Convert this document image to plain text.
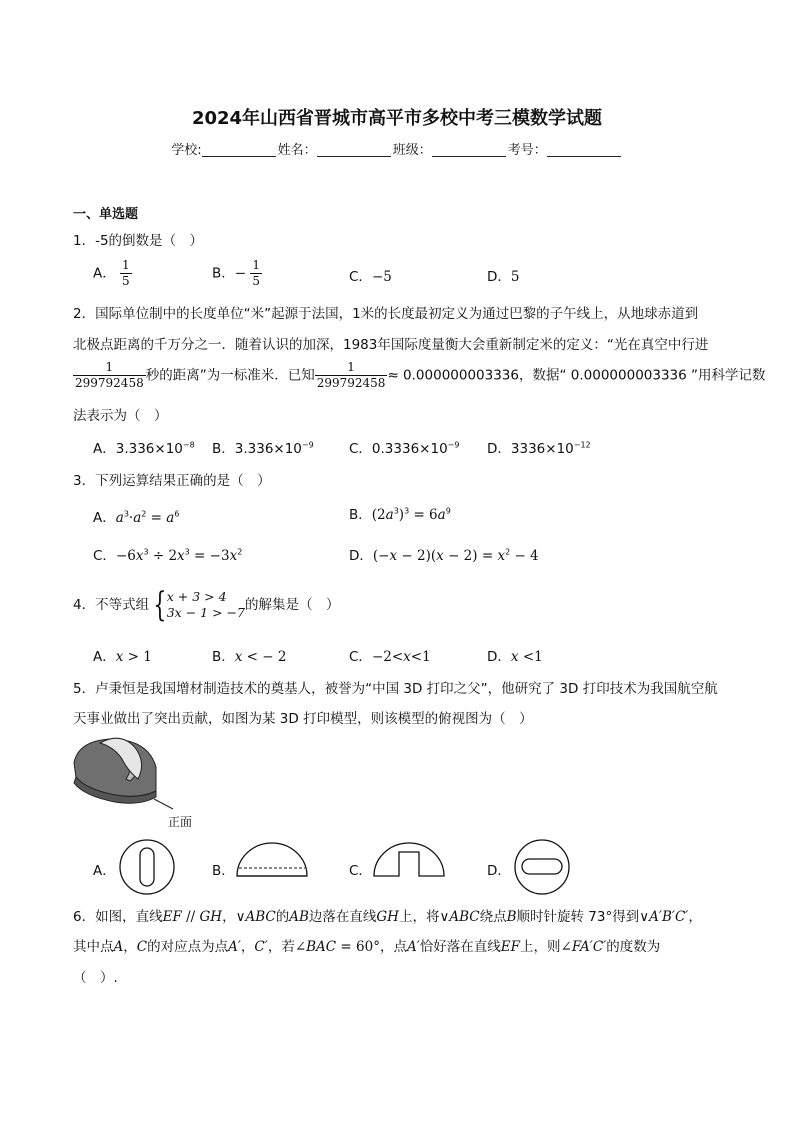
2024年山西省晋城市高平市多校中考三模数学试题
学校:	姓名：	班级：	考号：
一、单选题
1．-5的倒数是（　）
A． $\frac{1}{5}$	B．− $\frac{1}{5}$	C．−5	D．5
2．国际单位制中的长度单位“米”起源于法国，1米的长度最初定义为通过巴黎的子午线上，从地球赤道到
北极点距离的千万分之一．随着认识的加深，1983年国际度量衡大会重新制定米的定义：“光在真空中行进
$\frac{1}{299792458}$ 秒的距离”为一标准米．已知 $\frac{1}{299792458} \approx 0.000000003336$，数据“ 0.000000003336 ”用科学记数
法表示为（　）
A．$3.336\times 10^{-8}$ B．$3.336\times 10^{-9}$	C．$0.3336\times 10^{-9}$ D．$3336\times 10^{-12}$
3．下列运算结果正确的是（　）
A．$a^3\cdot a^2 = a^6$	B．$(2a^3)^3 = 6a^9$
C．$-6x^3 \div 2x^3 = -3x^2$	D．$(-x - 2)(x - 2) = x^2 - 4$
4．不等式组 { x + 3 > 4
3x − 1 > −7 的解集是（　）
A．x > 1	B．x < − 2	C．−2<x<1	D．x <1
5．卢秉恒是我国增材制造技术的奠基人，被誉为“中国 3D 打印之父”，他研究了 3D 打印技术为我国航空航
天事业做出了突出贡献，如图为某 3D 打印模型，则该模型的俯视图为（　）
正面
A．	B．	C．	D．
6．如图，直线EF // GH，∨ABC的AB边落在直线GH上，将∨ABC绕点B顺时针旋转 73°得到∨A′B′C′，
其中点A，C的对应点为点A′，C′，若∠BAC = 60°，点A′恰好落在直线EF上，则∠FA′C′的度数为
（　）.
